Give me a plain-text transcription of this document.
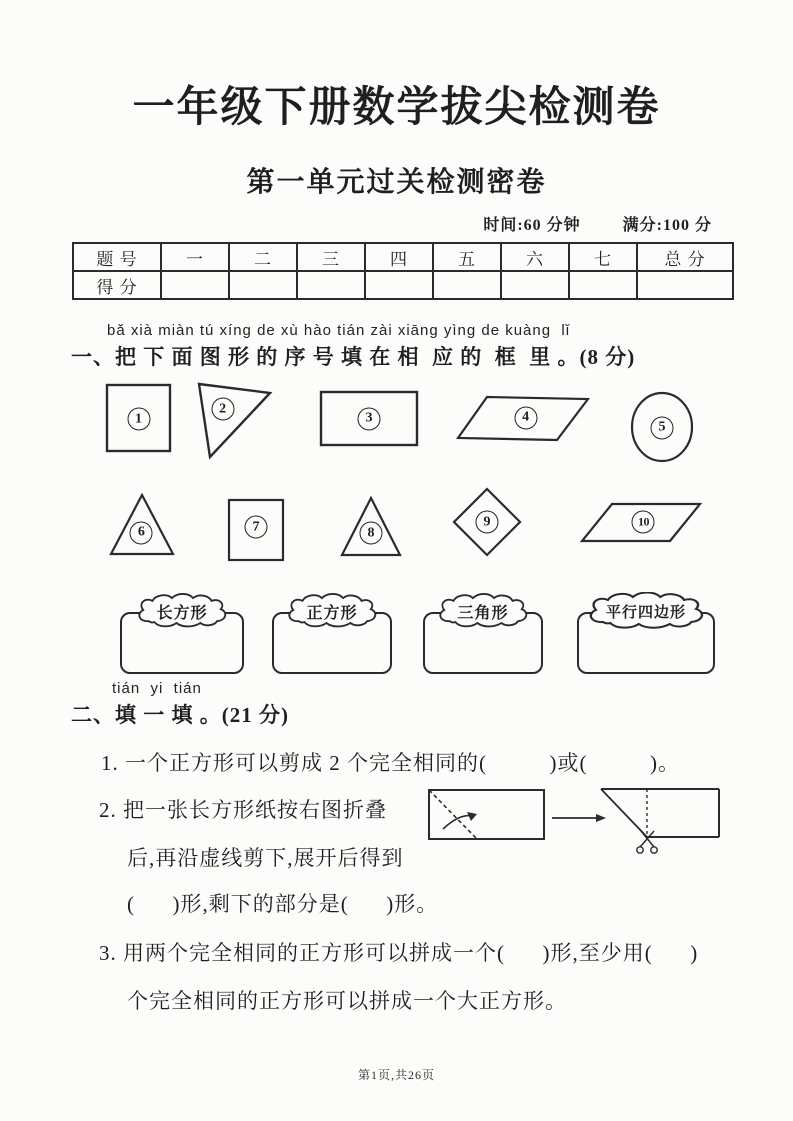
一年级下册数学拔尖检测卷
第一单元过关检测密卷
时间:60 分钟	满分:100 分
题 号	一	二	三	四	五	六	七	总 分
得 分								
bǎ xià miàn tú xíng de xù hào tián zài xiāng yìng de kuàng  lǐ
一、把 下 面 图 形 的 序 号 填 在 相  应 的  框  里 。(8 分)
1
2
3	4
5
6	7	8
9	10
长方形	正方形	三角形	平行四边形
tián  yi  tián
二、填 一 填 。(21 分)
1. 一个正方形可以剪成 2 个完全相同的(          )或(          )。
2. 把一张长方形纸按右图折叠
后,再沿虚线剪下,展开后得到
(      )形,剩下的部分是(      )形。
3. 用两个完全相同的正方形可以拼成一个(      )形,至少用(      )
个完全相同的正方形可以拼成一个大正方形。
第1页,共26页
